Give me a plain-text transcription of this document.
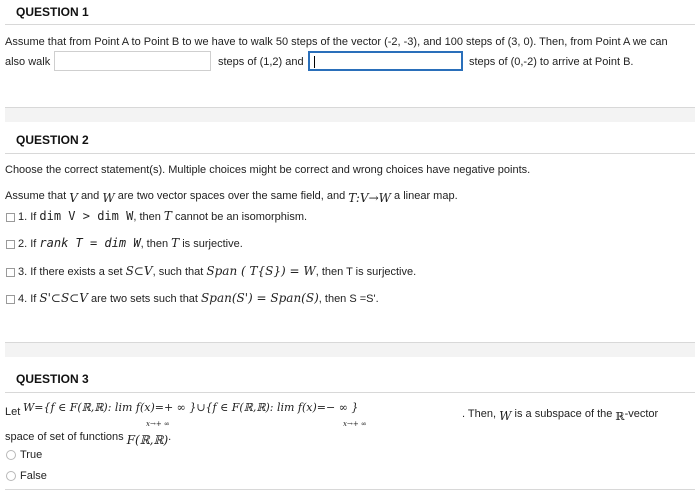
QUESTION 1
Assume that from Point A to Point B to we have to walk 50 steps of the vector (-2, -3), and 100 steps of (3, 0). Then, from Point A we can
also walk	steps of (1,2) and	steps of (0,-2) to arrive at Point B.
QUESTION 2
Choose the correct statement(s). Multiple choices might be correct and wrong choices have negative points.
Assume that V and W are two vector spaces over the same field, and T:V→W a linear map.
1. If dim V > dim W, then T cannot be an isomorphism.
2. If rank T = dim W, then T is surjective.
3. If there exists a set S⊂V, such that Span ( T{S}) = W, then T is surjective.
4. If S'⊂S⊂V are two sets such that Span(S') = Span(S), then S =S'.
QUESTION 3
Let W={f ∈ F(ℝ,ℝ): lim f(x)=+ ∞ }∪{f ∈ F(ℝ,ℝ): lim f(x)=− ∞ }
x→+ ∞	x→+ ∞
. Then, W is a subspace of the ℝ-vector
space of set of functions F(ℝ,ℝ).
True
False
